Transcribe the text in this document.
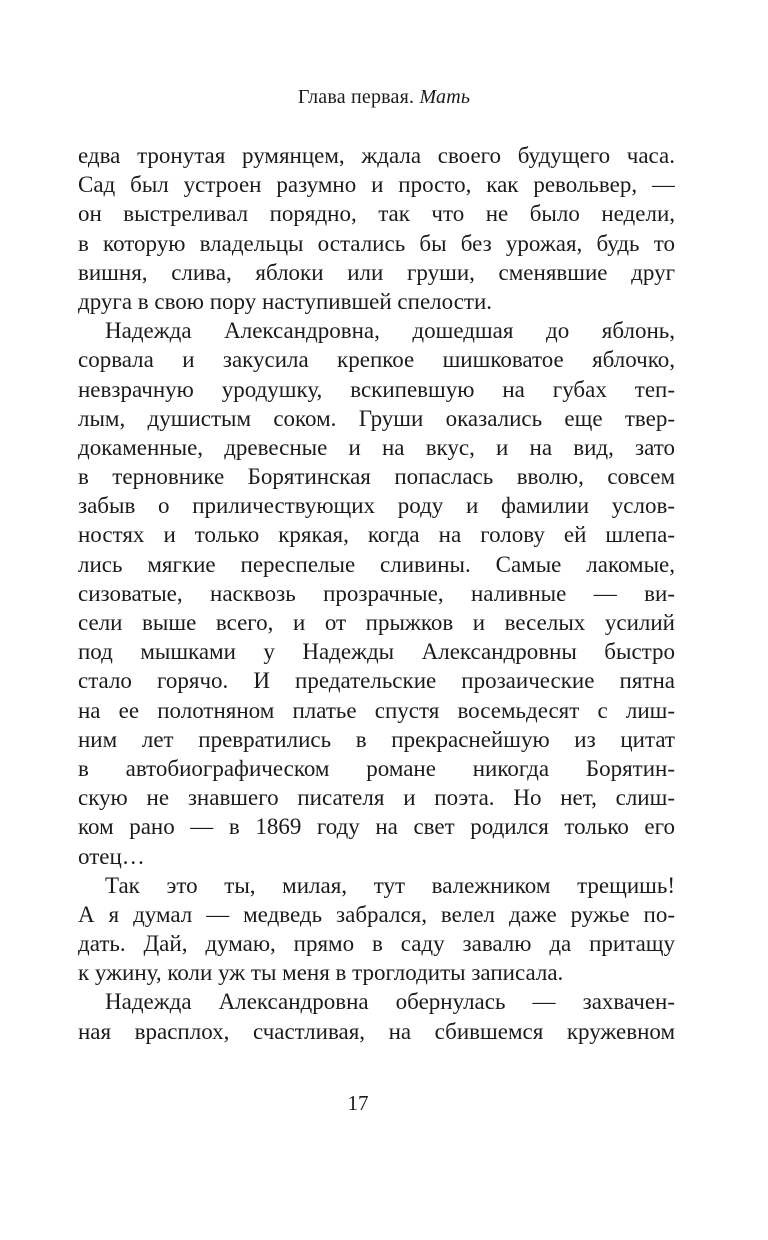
Глава первая. Мать
едва тронутая румянцем, ждала своего будущего часа.
Сад был устроен разумно и просто, как револьвер, —
он выстреливал порядно, так что не было недели,
в которую владельцы остались бы без урожая, будь то
вишня, слива, яблоки или груши, сменявшие друг
друга в свою пору наступившей спелости.
Надежда Александровна, дошедшая до яблонь,
сорвала и закусила крепкое шишковатое яблочко,
невзрачную уродушку, вскипевшую на губах теп-
лым, душистым соком. Груши оказались еще твер-
докаменные, древесные и на вкус, и на вид, зато
в терновнике Борятинская попаслась вволю, совсем
забыв о приличествующих роду и фамилии услов-
ностях и только крякая, когда на голову ей шлепа-
лись мягкие переспелые сливины. Самые лакомые,
сизоватые, насквозь прозрачные, наливные — ви-
сели выше всего, и от прыжков и веселых усилий
под мышками у Надежды Александровны быстро
стало горячо. И предательские прозаические пятна
на ее полотняном платье спустя восемьдесят с лиш-
ним лет превратились в прекраснейшую из цитат
в автобиографическом романе никогда Борятин-
скую не знавшего писателя и поэта. Но нет, слиш-
ком рано — в 1869 году на свет родился только его
отец…
Так это ты, милая, тут валежником трещишь!
А я думал — медведь забрался, велел даже ружье по-
дать. Дай, думаю, прямо в саду завалю да притащу
к ужину, коли уж ты меня в троглодиты записала.
Надежда Александровна обернулась — захвачен-
ная врасплох, счастливая, на сбившемся кружевном
17
